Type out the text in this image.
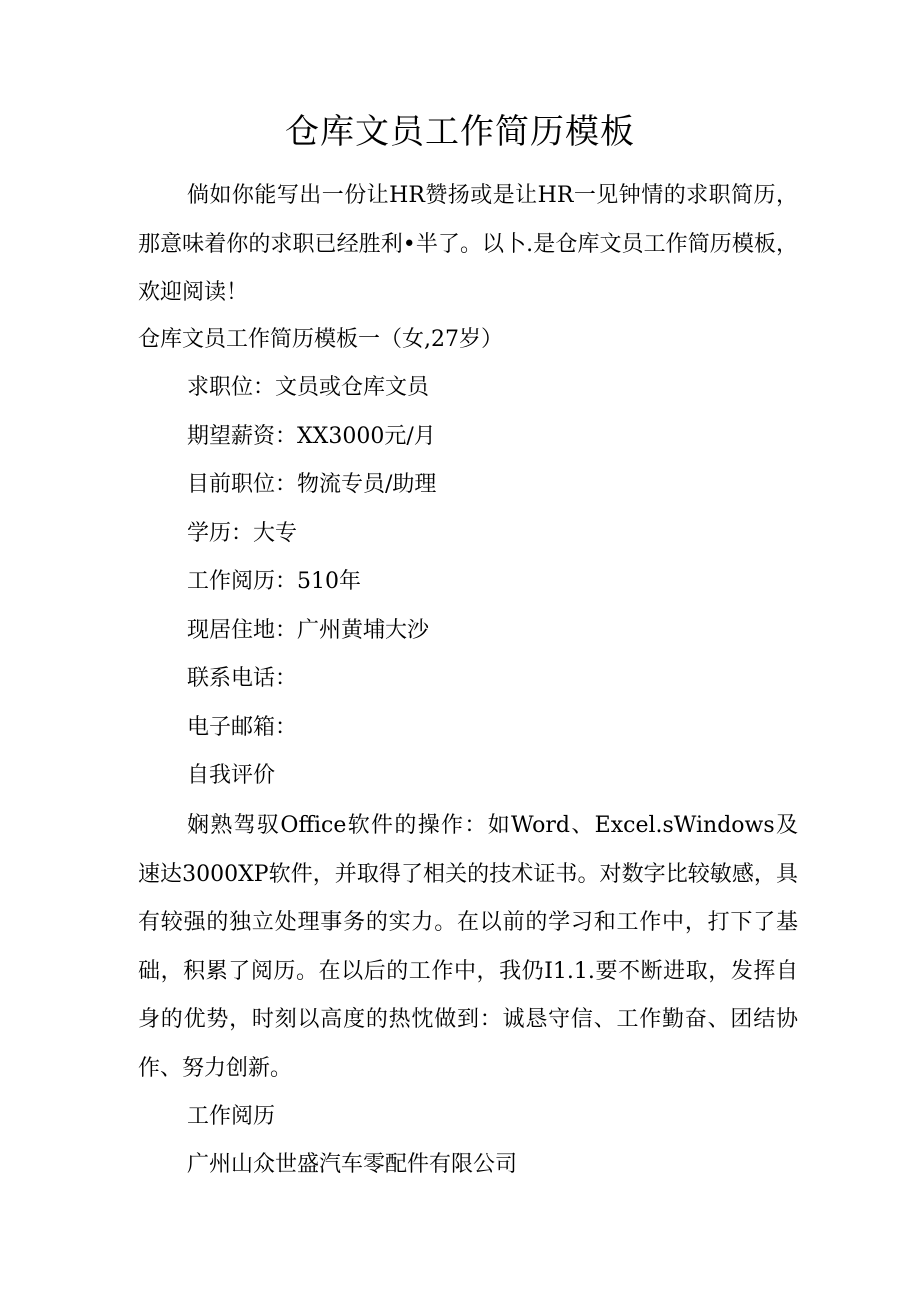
仓库文员工作简历模板

倘如你能写出一份让HR赞扬或是让HR一见钟情的求职简历，那意味着你的求职已经胜利•半了。以卜.是仓库文员工作简历模板，欢迎阅读！

仓库文员工作简历模板一（女,27岁）

求职位：文员或仓库文员

期望薪资：XX3000元/月

目前职位：物流专员/助理

学历：大专

工作阅历：510年

现居住地：广州黄埔大沙

联系电话：

电子邮箱：

自我评价

娴熟驾驭Office软件的操作：如Word、Excel.sWindows及速达3000XP软件，并取得了相关的技术证书。对数字比较敏感，具有较强的独立处理事务的实力。在以前的学习和工作中，打下了基础，积累了阅历。在以后的工作中，我仍I1.1.要不断进取，发挥自身的优势，时刻以高度的热忱做到：诚恳守信、工作勤奋、团结协作、努力创新。

工作阅历

广州山众世盛汽车零配件有限公司
